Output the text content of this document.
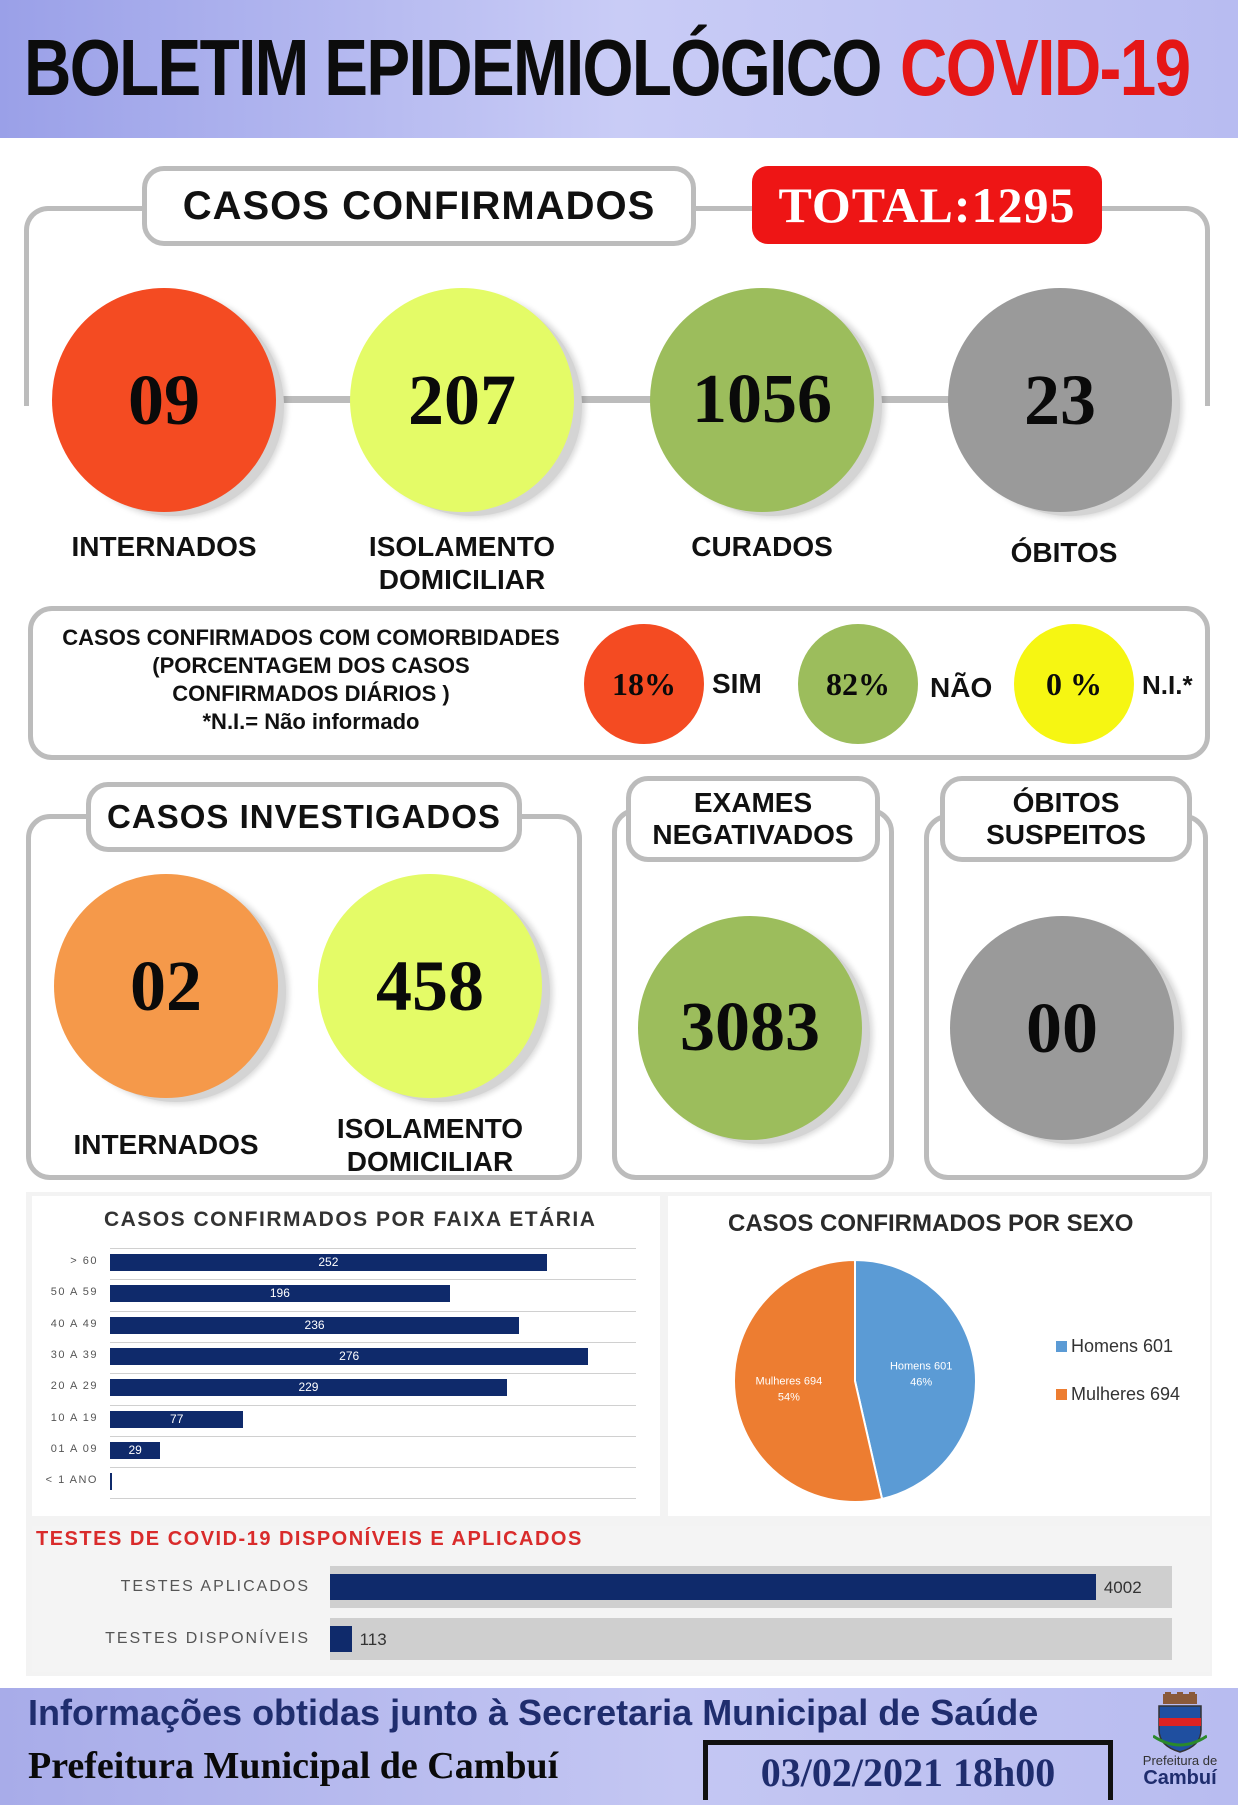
BOLETIM EPIDEMIOLÓGICO COVID-19
CASOS CONFIRMADOS	TOTAL:1295
09	207	1056	23
INTERNADOS	ISOLAMENTO
DOMICILIAR
CURADOS	ÓBITOS
CASOS CONFIRMADOS COM COMORBIDADES
(PORCENTAGEM DOS CASOS
CONFIRMADOS DIÁRIOS )
*N.I.= Não informado
18%	SIM	82%	NÃO	0 %	N.I.*
CASOS INVESTIGADOS
02	458
INTERNADOS
ISOLAMENTO
DOMICILIAR
EXAMES
NEGATIVADOS
3083
ÓBITOS
SUSPEITOS
00
CASOS CONFIRMADOS POR FAIXA ETÁRIA
> 60	252
50 A 59	196
40 A 49	236
30 A 39	276
20 A 29	229
10 A 19	77
01 A 09	29
< 1 ANO
CASOS CONFIRMADOS POR SEXO
Homens 601
46%
Mulheres 694
54%
Homens 601
Mulheres 694
TESTES DE COVID-19 DISPONÍVEIS E APLICADOS
TESTES APLICADOS	4002
TESTES DISPONÍVEIS	113
Informações obtidas junto à Secretaria Municipal de Saúde
Prefeitura Municipal de Cambuí	03/02/2021 18h00	Prefeitura de
Cambuí
